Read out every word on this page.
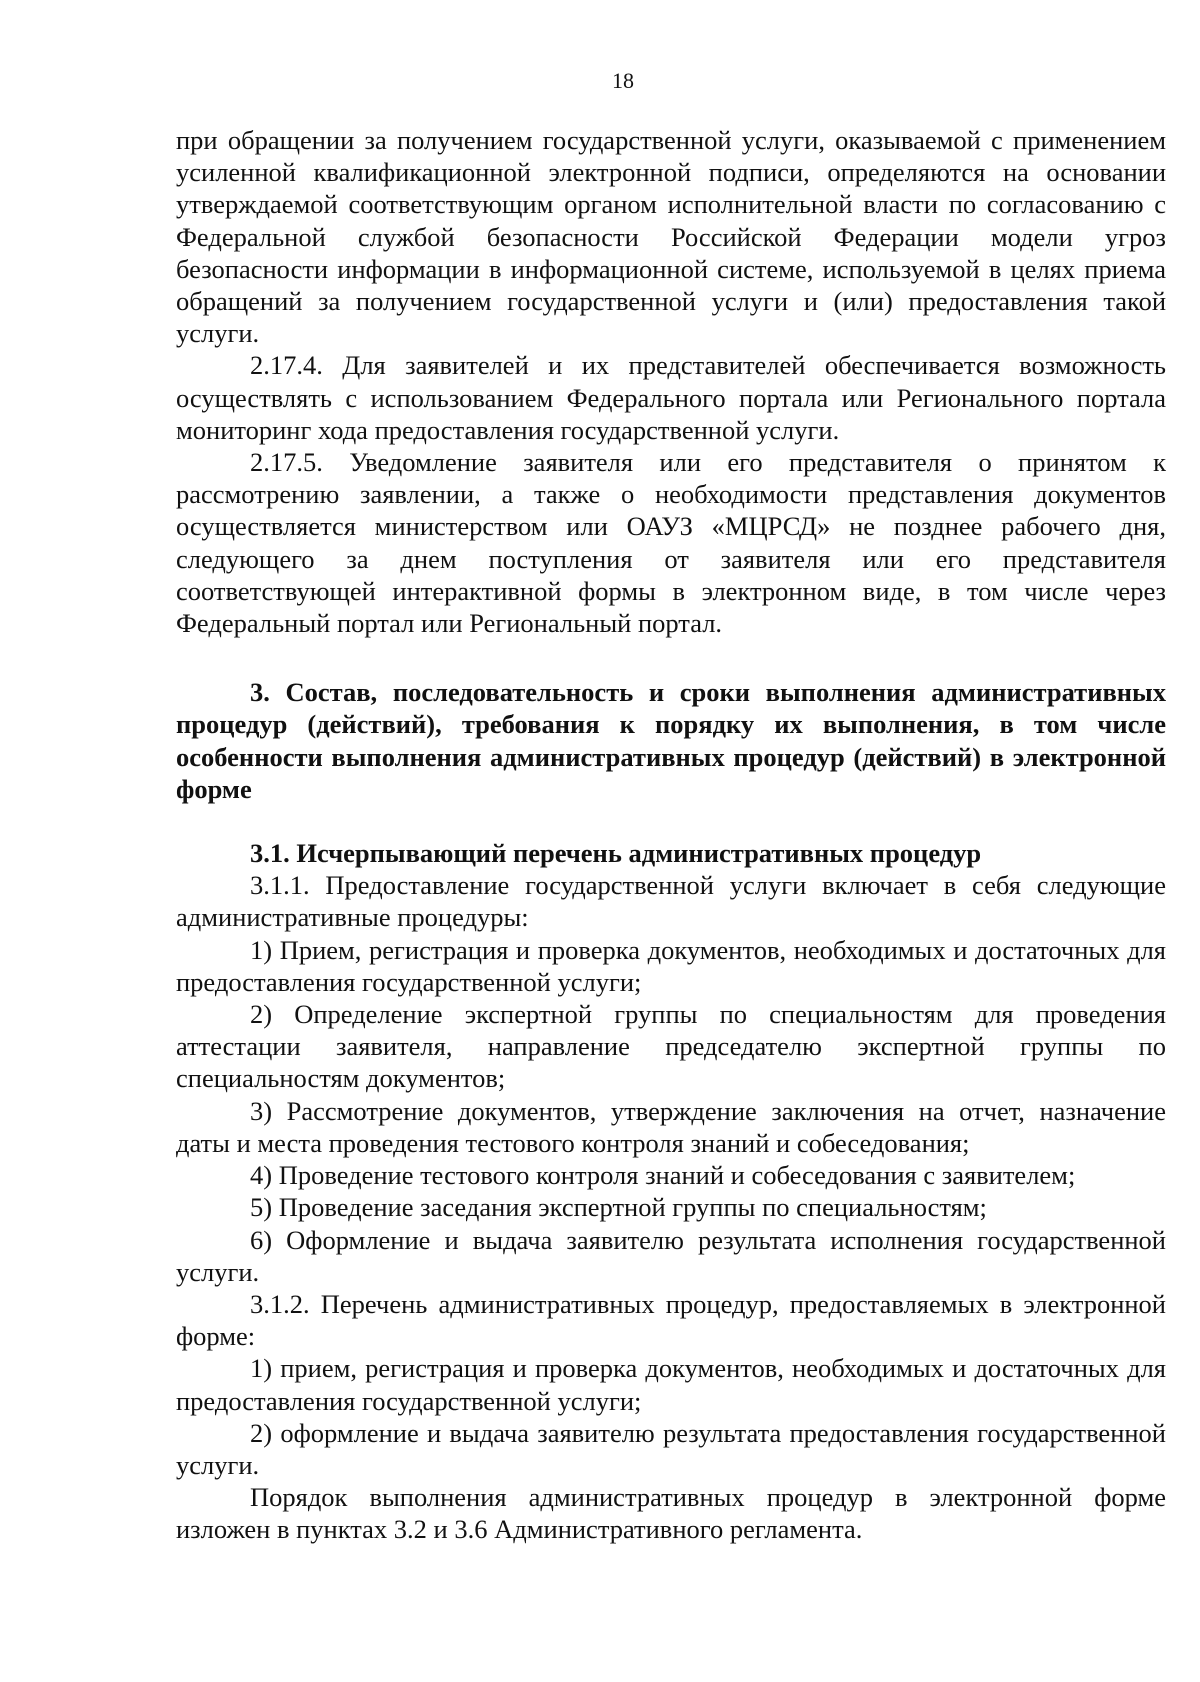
18

при обращении за получением государственной услуги, оказываемой с применением усиленной квалификационной электронной подписи, определяются на основании утверждаемой соответствующим органом исполнительной власти по согласованию с Федеральной службой безопасности Российской Федерации модели угроз безопасности информации в информационной системе, используемой в целях приема обращений за получением государственной услуги и (или) предоставления такой услуги.

2.17.4. Для заявителей и их представителей обеспечивается возможность осуществлять с использованием Федерального портала или Регионального портала мониторинг хода предоставления государственной услуги.

2.17.5. Уведомление заявителя или его представителя о принятом к рассмотрению заявлении, а также о необходимости представления документов осуществляется министерством или ОАУЗ «МЦРСД» не позднее рабочего дня, следующего за днем поступления от заявителя или его представителя соответствующей интерактивной формы в электронном виде, в том числе через Федеральный портал или Региональный портал.

3. Состав, последовательность и сроки выполнения административных процедур (действий), требования к порядку их выполнения, в том числе особенности выполнения административных процедур (действий) в электронной форме

3.1. Исчерпывающий перечень административных процедур

3.1.1. Предоставление государственной услуги включает в себя следующие административные процедуры:

1) Прием, регистрация и проверка документов, необходимых и достаточных для предоставления государственной услуги;

2) Определение экспертной группы по специальностям для проведения аттестации заявителя, направление председателю экспертной группы по специальностям документов;

3) Рассмотрение документов, утверждение заключения на отчет, назначение даты и места проведения тестового контроля знаний и собеседования;

4) Проведение тестового контроля знаний и собеседования с заявителем;

5) Проведение заседания экспертной группы по специальностям;

6) Оформление и выдача заявителю результата исполнения государственной услуги.

3.1.2. Перечень административных процедур, предоставляемых в электронной форме:

1) прием, регистрация и проверка документов, необходимых и достаточных для предоставления государственной услуги;

2) оформление и выдача заявителю результата предоставления государственной услуги.

Порядок выполнения административных процедур в электронной форме изложен в пунктах 3.2 и 3.6 Административного регламента.
